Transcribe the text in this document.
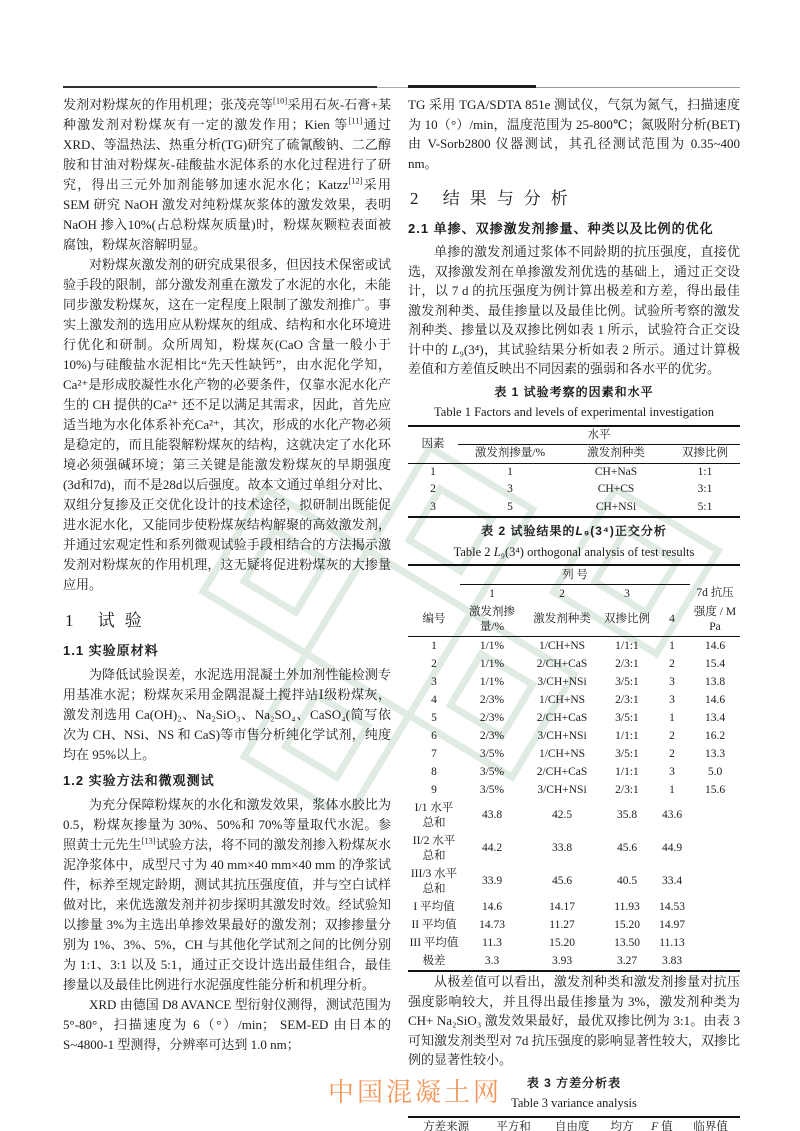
发剂对粉煤灰的作用机理；张茂亮等[10]采用石灰-石膏+某种激发剂对粉煤灰有一定的激发作用；Kien 等[11]通过 XRD、等温热法、热重分析(TG)研究了硫氰酸钠、二乙醇胺和甘油对粉煤灰-硅酸盐水泥体系的水化过程进行了研究，得出三元外加剂能够加速水泥水化；Katzz[12]采用 SEM 研究 NaOH 激发对纯粉煤灰浆体的激发效果，表明 NaOH 掺入10%(占总粉煤灰质量)时，粉煤灰颗粒表面被腐蚀，粉煤灰溶解明显。

对粉煤灰激发剂的研究成果很多，但因技术保密或试验手段的限制，部分激发剂重在激发了水泥的水化，未能同步激发粉煤灰，这在一定程度上限制了激发剂推广。事实上激发剂的选用应从粉煤灰的组成、结构和水化环境进行优化和研制。众所周知，粉煤灰(CaO 含量一般小于10%)与硅酸盐水泥相比“先天性缺钙”，由水泥化学知，Ca²⁺是形成胶凝性水化产物的必要条件，仅靠水泥水化产生的 CH 提供的Ca²⁺ 还不足以满足其需求，因此，首先应适当地为水化体系补充Ca²⁺，其次，形成的水化产物必须是稳定的，而且能裂解粉煤灰的结构，这就决定了水化环境必须强碱环境；第三关键是能激发粉煤灰的早期强度(3d和7d)，而不是28d以后强度。故本文通过单组分对比、双组分复掺及正交优化设计的技术途径，拟研制出既能促进水泥水化，又能同步使粉煤灰结构解聚的高效激发剂，并通过宏观定性和系列微观试验手段相结合的方法揭示激发剂对粉煤灰的作用机理，这无疑将促进粉煤灰的大掺量应用。

1 试验
1.1 实验原材料

为降低试验误差，水泥选用混凝土外加剂性能检测专用基准水泥；粉煤灰采用金隅混凝土搅拌站Ⅰ级粉煤灰，激发剂选用 Ca(OH)₂、Na₂SiO₃、Na₂SO₄、CaSO₄(简写依次为 CH、NSi、NS 和 CaS)等市售分析纯化学试剂，纯度均在 95%以上。

1.2 实验方法和微观测试

为充分保障粉煤灰的水化和激发效果，浆体水胶比为 0.5，粉煤灰掺量为 30%、50%和 70%等量取代水泥。参照黄士元先生[13]试验方法，将不同的激发剂掺入粉煤灰水泥净浆体中，成型尺寸为 40 mm×40 mm×40 mm 的净浆试件，标养至规定龄期，测试其抗压强度值，并与空白试样做对比，来优选激发剂并初步探明其激发时效。经试验知以掺量 3%为主选出单掺效果最好的激发剂；双掺掺量分别为 1%、3%、5%，CH 与其他化学试剂之间的比例分别为 1:1、3:1 以及 5:1，通过正交设计选出最佳组合，最佳掺量以及最佳比例进行水泥强度性能分析和机理分析。

XRD 由德国 D8 AVANCE 型衍射仪测得，测试范围为 5°-80°，扫描速度为 6（°）/min； SEM-ED 由日本的 S~4800-1 型测得，分辨率可达到 1.0 nm；

TG 采用 TGA/SDTA 851e 测试仪，气氛为氮气，扫描速度为 10（°）/min，温度范围为 25-800℃；氮吸附分析(BET) 由 V-Sorb2800 仪器测试，其孔径测试范围为 0.35~400 nm。

2 结果与分析
2.1 单掺、双掺激发剂掺量、种类以及比例的优化

单掺的激发剂通过浆体不同龄期的抗压强度，直接优选，双掺激发剂在单掺激发剂优选的基础上，通过正交设计，以 7 d 的抗压强度为例计算出极差和方差，得出最佳激发剂种类、最佳掺量以及最佳比例。试验所考察的激发剂种类、掺量以及双掺比例如表 1 所示，试验符合正交设计中的 L₉(3⁴)，其试验结果分析如表 2 所示。通过计算极差值和方差值反映出不同因素的强弱和各水平的优劣。

表 1 试验考察的因素和水平
Table 1 Factors and levels of experimental investigation
因素	水平		
	激发剂掺量/%	激发剂种类	双掺比例
1	1	CH+NaS	1:1
2	3	CH+CS	3:1
3	5	CH+NSi	5:1
表 2 试验结果的L₉(3⁴)正交分析
Table 2 L₉(3⁴) orthogonal analysis of test results
	列 号				
	1	2	3		7d 抗压
编号	激发剂掺量/%	激发剂种类	双掺比例	4	强度 / MPa
1	1/1%	1/CH+NS	1/1:1	1	14.6
2	1/1%	2/CH+CaS	2/3:1	2	15.4
3	1/1%	3/CH+NSi	3/5:1	3	13.8
4	2/3%	1/CH+NS	2/3:1	3	14.6
5	2/3%	2/CH+CaS	3/5:1	1	13.4
6	2/3%	3/CH+NSi	1/1:1	2	16.2
7	3/5%	1/CH+NS	3/5:1	2	13.3
8	3/5%	2/CH+CaS	1/1:1	3	5.0
9	3/5%	3/CH+NSi	2/3:1	1	15.6
I/1 水平总和	43.8	42.5	35.8	43.6	
II/2 水平总和	44.2	33.8	45.6	44.9	
III/3 水平总和	33.9	45.6	40.5	33.4	
I 平均值	14.6	14.17	11.93	14.53	
II 平均值	14.73	11.27	15.20	14.97	
III 平均值	11.3	15.20	13.50	11.13	
极差	3.3	3.93	3.27	3.83	

从极差值可以看出，激发剂种类和激发剂掺量对抗压强度影响较大，并且得出最佳掺量为 3%，激发剂种类为 CH+ Na₂SiO₃ 激发效果最好，最优双掺比例为 3:1。由表 3 可知激发剂类型对 7d 抗压强度的影响显著性较大，双掺比例的显著性较小。

表 3 方差分析表
Table 3 variance analysis
方差来源	平方和	自由度	均方	F 值	临界值
中国混凝土网
